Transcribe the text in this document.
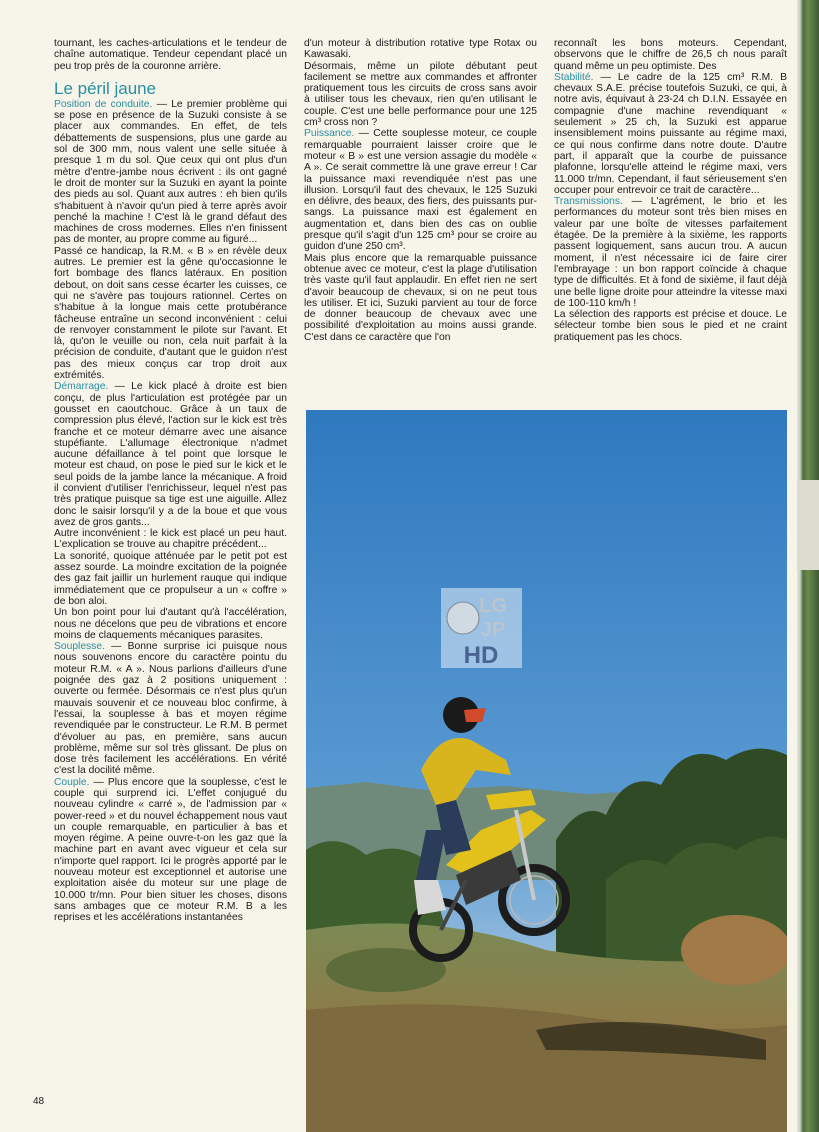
tournant, les caches-articulations et le tendeur de chaîne automatique. Tendeur cependant placé un peu trop près de la couronne arrière.

Le péril jaune

Position de conduite. — Le premier problème qui se pose en présence de la Suzuki consiste à se placer aux commandes. En effet, de tels débattements de suspensions, plus une garde au sol de 300 mm, nous valent une selle située à presque 1 m du sol. Que ceux qui ont plus d'un mètre d'entre-jambe nous écrivent : ils ont gagné le droit de monter sur la Suzuki en ayant la pointe des pieds au sol. Quant aux autres : eh bien qu'ils s'habituent à n'avoir qu'un pied à terre après avoir penché la machine ! C'est là le grand défaut des machines de cross modernes. Elles n'en finissent pas de monter, au propre comme au figuré...

Passé ce handicap, la R.M. « B » en révèle deux autres. Le premier est la gêne qu'occasionne le fort bombage des flancs latéraux. En position debout, on doit sans cesse écarter les cuisses, ce qui ne s'avère pas toujours rationnel. Certes on s'habitue à la longue mais cette protubérance fâcheuse entraîne un second inconvénient : celui de renvoyer constamment le pilote sur l'avant. Et là, qu'on le veuille ou non, cela nuit parfait à la précision de conduite, d'autant que le guidon n'est pas des mieux conçus car trop droit aux extrémités.

Démarrage. — Le kick placé à droite est bien conçu, de plus l'articulation est protégée par un gousset en caoutchouc. Grâce à un taux de compression plus élevé, l'action sur le kick est très franche et ce moteur démarre avec une aisance stupéfiante. L'allumage électronique n'admet aucune défaillance à tel point que lorsque le moteur est chaud, on pose le pied sur le kick et le seul poids de la jambe lance la mécanique. A froid il convient d'utiliser l'enrichisseur, lequel n'est pas très pratique puisque sa tige est une aiguille. Allez donc le saisir lorsqu'il y a de la boue et que vous avez de gros gants...

Autre inconvénient : le kick est placé un peu haut. L'explication se trouve au chapitre précédent...

La sonorité, quoique atténuée par le petit pot est assez sourde. La moindre excitation de la poignée des gaz fait jaillir un hurlement rauque qui indique immédiatement que ce propulseur a un « coffre » de bon aloi.

Un bon point pour lui d'autant qu'à l'accélération, nous ne décelons que peu de vibrations et encore moins de claquements mécaniques parasites.

Souplesse. — Bonne surprise ici puisque nous nous souvenons encore du caractère pointu du moteur R.M. « A ». Nous parlions d'ailleurs d'une poignée des gaz à 2 positions uniquement : ouverte ou fermée. Désormais ce n'est plus qu'un mauvais souvenir et ce nouveau bloc confirme, à l'essai, la souplesse à bas et moyen régime revendiquée par le constructeur. Le R.M. B permet d'évoluer au pas, en première, sans aucun problème, même sur sol très glissant. De plus on dose très facilement les accélérations. En vérité c'est la docilité même.

Couple. — Plus encore que la souplesse, c'est le couple qui surprend ici. L'effet conjugué du nouveau cylindre « carré », de l'admission par « power-reed » et du nouvel échappement nous vaut un couple remarquable, en particulier à bas et moyen régime. A peine ouvre-t-on les gaz que la machine part en avant avec vigueur et cela sur n'importe quel rapport. Ici le progrès apporté par le nouveau moteur est exceptionnel et autorise une exploitation aisée du moteur sur une plage de 10.000 tr/mn. Pour bien situer les choses, disons sans ambages que ce moteur R.M. B a les reprises et les accélérations instantanées

d'un moteur à distribution rotative type Rotax ou Kawasaki.

Désormais, même un pilote débutant peut facilement se mettre aux commandes et affronter pratiquement tous les circuits de cross sans avoir à utiliser tous les chevaux, rien qu'en utilisant le couple. C'est une belle performance pour une 125 cm³ cross non ?

Puissance. — Cette souplesse moteur, ce couple remarquable pourraient laisser croire que le moteur « B » est une version assagie du modèle « A ». Ce serait commettre là une grave erreur ! Car la puissance maxi revendiquée n'est pas une illusion. Lorsqu'il faut des chevaux, le 125 Suzuki en délivre, des beaux, des fiers, des puissants pur-sangs. La puissance maxi est également en augmentation et, dans bien des cas on oublie presque qu'il s'agit d'un 125 cm³ pour se croire au guidon d'une 250 cm³.

Mais plus encore que la remarquable puissance obtenue avec ce moteur, c'est la plage d'utilisation très vaste qu'il faut applaudir. En effet rien ne sert d'avoir beaucoup de chevaux, si on ne peut tous les utiliser. Et ici, Suzuki parvient au tour de force de donner beaucoup de chevaux avec une possibilité d'exploitation au moins aussi grande. C'est dans ce caractère que l'on

reconnaît les bons moteurs. Cependant, observons que le chiffre de 26,5 ch nous paraît quand même un peu optimiste. Des

Stabilité. — Le cadre de la 125 cm³ R.M. B chevaux S.A.E. précise toutefois Suzuki, ce qui, à notre avis, équivaut à 23-24 ch D.I.N. Essayée en compagnie d'une machine revendiquant « seulement » 25 ch, la Suzuki est apparue insensiblement moins puissante au régime maxi, ce qui nous confirme dans notre doute. D'autre part, il apparaît que la courbe de puissance plafonne, lorsqu'elle atteind le régime maxi, vers 11.000 tr/mn. Cependant, il faut sérieusement s'en occuper pour entrevoir ce trait de caractère...

Transmissions. — L'agrément, le brio et les performances du moteur sont très bien mises en valeur par une boîte de vitesses parfaitement étagée. De la première à la sixième, les rapports passent logiquement, sans aucun trou. A aucun moment, il n'est nécessaire ici de faire cirer l'embrayage : un bon rapport coïncide à chaque type de difficultés. Et à fond de sixième, il faut déjà une belle ligne droite pour atteindre la vitesse maxi de 100-110 km/h !

La sélection des rapports est précise et douce. Le sélecteur tombe bien sous le pied et ne craint pratiquement pas les chocs.

LG
JP
HD
48
